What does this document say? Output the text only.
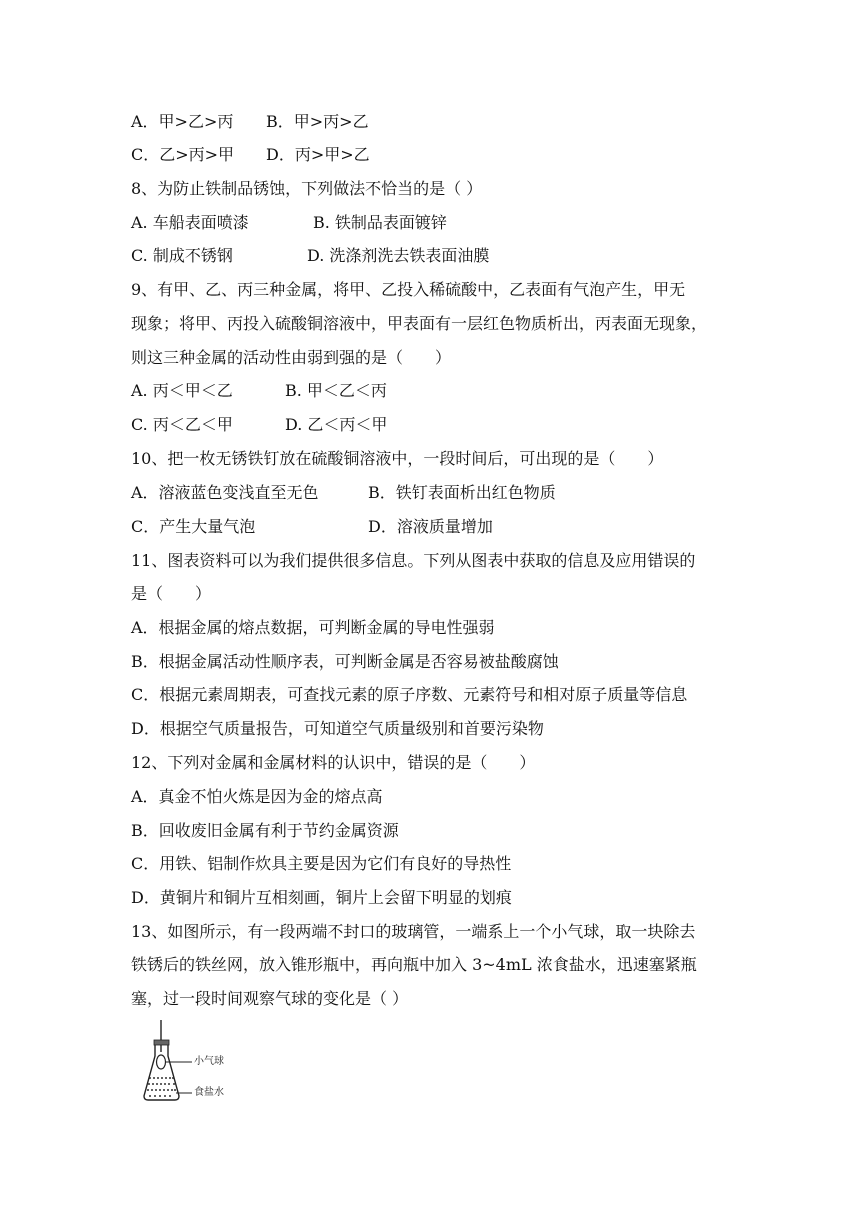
A．甲>乙>丙 B．甲>丙>乙
C．乙>丙>甲 D．丙>甲>乙
8、为防止铁制品锈蚀，下列做法不恰当的是（ ）
A. 车船表面喷漆	B. 铁制品表面镀锌
C. 制成不锈钢	D. 洗涤剂洗去铁表面油膜
9、有甲、乙、丙三种金属，将甲、乙投入稀硫酸中，乙表面有气泡产生，甲无
现象；将甲、丙投入硫酸铜溶液中，甲表面有一层红色物质析出，丙表面无现象，
则这三种金属的活动性由弱到强的是（　　）
A. 丙＜甲＜乙	B. 甲＜乙＜丙
C. 丙＜乙＜甲	D. 乙＜丙＜甲
10、把一枚无锈铁钉放在硫酸铜溶液中，一段时间后，可出现的是（　　）
A．溶液蓝色变浅直至无色	B．铁钉表面析出红色物质
C．产生大量气泡	D．溶液质量增加
11、图表资料可以为我们提供很多信息。下列从图表中获取的信息及应用错误的
是（　　）
A．根据金属的熔点数据，可判断金属的导电性强弱
B．根据金属活动性顺序表，可判断金属是否容易被盐酸腐蚀
C．根据元素周期表，可查找元素的原子序数、元素符号和相对原子质量等信息
D．根据空气质量报告，可知道空气质量级别和首要污染物
12、下列对金属和金属材料的认识中，错误的是（　　）
A．真金不怕火炼是因为金的熔点高
B．回收废旧金属有利于节约金属资源
C．用铁、铝制作炊具主要是因为它们有良好的导热性
D．黄铜片和铜片互相刻画，铜片上会留下明显的划痕
13、如图所示，有一段两端不封口的玻璃管，一端系上一个小气球，取一块除去
铁锈后的铁丝网，放入锥形瓶中，再向瓶中加入 3~4mL 浓食盐水，迅速塞紧瓶
塞，过一段时间观察气球的变化是（ ）
小气球
食盐水
